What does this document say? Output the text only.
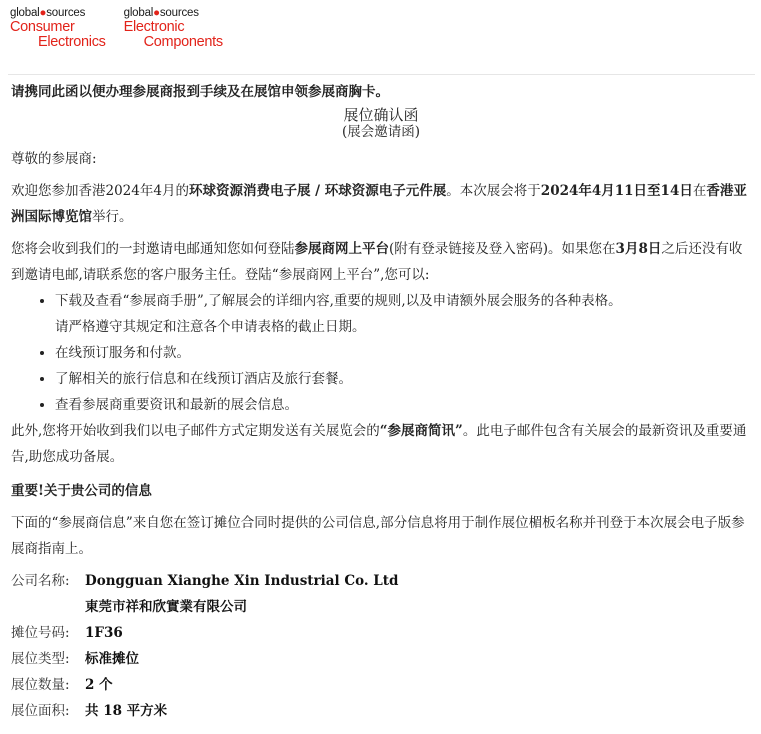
global●sources
Consumer
Electronics
global●sources
Electronic
Components

请携同此函以便办理参展商报到手续及在展馆申领参展商胸卡。

展位确认函

(展会邀请函)

尊敬的参展商:

欢迎您参加香港2024年4月的环球资源消费电子展 / 环球资源电子元件展。本次展会将于2024年4月11日至14日在香港亚洲国际博览馆举行。

您将会收到我们的一封邀请电邮通知您如何登陆参展商网上平台(附有登录链接及登入密码)。如果您在3月8日之后还没有收到邀请电邮,请联系您的客户服务主任。登陆“参展商网上平台”,您可以:

• 下载及查看“参展商手册”,了解展会的详细内容,重要的规则,以及申请额外展会服务的各种表格。
请严格遵守其规定和注意各个申请表格的截止日期。
• 在线预订服务和付款。
• 了解相关的旅行信息和在线预订酒店及旅行套餐。
• 查看参展商重要资讯和最新的展会信息。

此外,您将开始收到我们以电子邮件方式定期发送有关展览会的“参展商简讯”。此电子邮件包含有关展会的最新资讯及重要通告,助您成功备展。

重要!关于贵公司的信息

下面的“参展商信息”来自您在签订摊位合同时提供的公司信息,部分信息将用于制作展位楣板名称并刊登于本次展会电子版参展商指南上。

公司名称:	Dongguan Xianghe Xin Industrial Co. Ltd
	東莞市祥和欣實業有限公司
摊位号码:	1F36
展位类型:	标准摊位
展位数量:	2 个
展位面积:	共 18 平方米
